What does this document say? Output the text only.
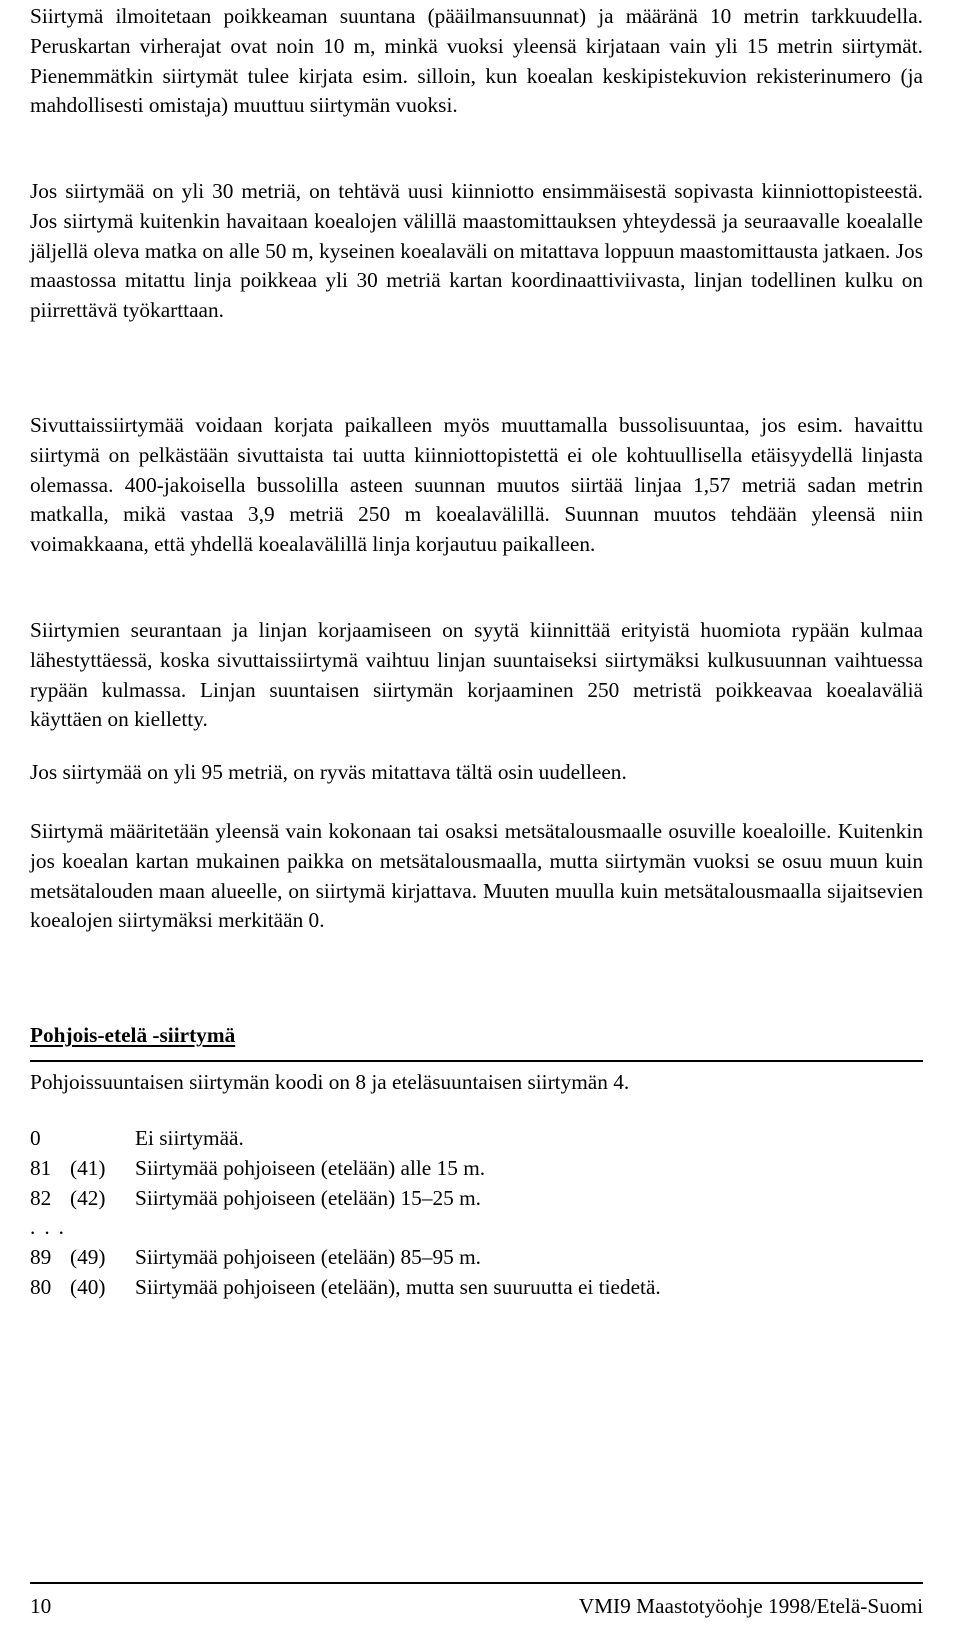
Siirtymä ilmoitetaan poikkeaman suuntana (pääilmansuunnat) ja määränä 10 metrin tarkkuudella. Peruskartan virherajat ovat noin 10 m, minkä vuoksi yleensä kirjataan vain yli 15 metrin siirtymät. Pienemmätkin siirtymät tulee kirjata esim. silloin, kun koealan keskipistekuvion rekisterinumero (ja mahdollisesti omistaja) muuttuu siirtymän vuoksi.

Jos siirtymää on yli 30 metriä, on tehtävä uusi kiinniotto ensimmäisestä sopivasta kiinniottopisteestä. Jos siirtymä kuitenkin havaitaan koealojen välillä maastomittauksen yhteydessä ja seuraavalle koealalle jäljellä oleva matka on alle 50 m, kyseinen koealaväli on mitattava loppuun maastomittausta jatkaen. Jos maastossa mitattu linja poikkeaa yli 30 metriä kartan koordinaattiviivasta, linjan todellinen kulku on piirrettävä työkarttaan.

Sivuttaissiirtymää voidaan korjata paikalleen myös muuttamalla bussolisuuntaa, jos esim. havaittu siirtymä on pelkästään sivuttaista tai uutta kiinniottopistettä ei ole kohtuullisella etäisyydellä linjasta olemassa. 400-jakoisella bussolilla asteen suunnan muutos siirtää linjaa 1,57 metriä sadan metrin matkalla, mikä vastaa 3,9 metriä 250 m koealavälillä. Suunnan muutos tehdään yleensä niin voimakkaana, että yhdellä koealavälillä linja korjautuu paikalleen.

Siirtymien seurantaan ja linjan korjaamiseen on syytä kiinnittää erityistä huomiota rypään kulmaa lähestyttäessä, koska sivuttaissiirtymä vaihtuu linjan suuntaiseksi siirtymäksi kulkusuunnan vaihtuessa rypään kulmassa. Linjan suuntaisen siirtymän korjaaminen 250 metristä poikkeavaa koealaväliä käyttäen on kielletty.

Jos siirtymää on yli 95 metriä, on ryväs mitattava tältä osin uudelleen.

Siirtymä määritetään yleensä vain kokonaan tai osaksi metsätalousmaalle osuville koealoille. Kuitenkin jos koealan kartan mukainen paikka on metsätalousmaalla, mutta siirtymän vuoksi se osuu muun kuin metsätalouden maan alueelle, on siirtymä kirjattava. Muuten muulla kuin metsätalousmaalla sijaitsevien koealojen siirtymäksi merkitään 0.

Pohjois-etelä -siirtymä

Pohjoissuuntaisen siirtymän koodi on 8 ja eteläsuuntaisen siirtymän 4.

0	Ei siirtymää.
81 (41) Siirtymää pohjoiseen (etelään) alle 15 m.
82 (42) Siirtymää pohjoiseen (etelään) 15–25 m.
...
89 (49) Siirtymää pohjoiseen (etelään) 85–95 m.
80 (40) Siirtymää pohjoiseen (etelään), mutta sen suuruutta ei tiedetä.
10	VMI9 Maastotyöohje 1998/Etelä-Suomi
